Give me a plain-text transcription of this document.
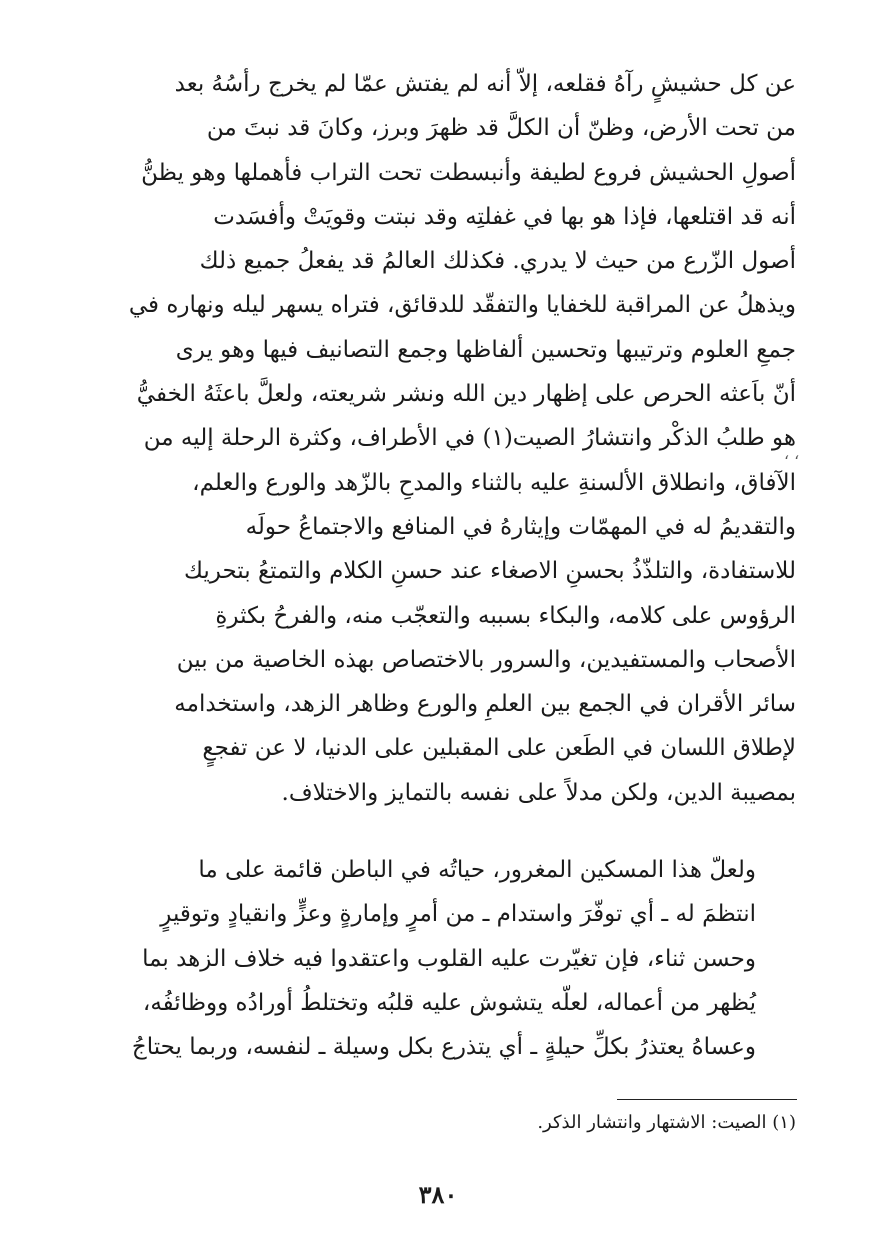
عن كل حشيشٍ رآهُ فقلعه، إلاّ أنه لم يفتش عمّا لم يخرج رأسُهُ بعد
من تحت الأرض، وظنّ أن الكلَّ قد ظهرَ وبرز، وكانَ قد نبتَ من
أصولِ الحشيش فروع لطيفة وأنبسطت تحت التراب فأهملها وهو يظنُّ
أنه قد اقتلعها، فإذا هو بها في غفلتِه وقد نبتت وقويَتْ وأفسَدت
أصول الزّرع من حيث لا يدري. فكذلك العالمُ قد يفعلُ جميع ذلك
ويذهلُ عن المراقبة للخفايا والتفقّد للدقائق، فتراه يسهر ليله ونهاره في
جمعِ العلوم وترتيبها وتحسين ألفاظها وجمع التصانيف فيها وهو يرى
أنّ باَعثه الحرص على إظهار دين الله ونشر شريعته، ولعلَّ باعثَهُ الخفيُّ
هو طلبُ الذكْر وانتشارُ الصيت(١) في الأطراف، وكثرة الرحلة إليه من
الآفاق، وانطلاق الألسنةِ عليه بالثناء والمدحِ بالزّهد والورع والعلم،
والتقديمُ له في المهمّات وإيثارهُ في المنافع والاجتماعُ حولَه
للاستفادة، والتلذّذُ بحسنِ الاصغاء عند حسنِ الكلام والتمتعُ بتحريك
الرؤوس على كلامه، والبكاء بسببه والتعجّب منه، والفرحُ بكثرةِ
الأصحاب والمستفيدين، والسرور بالاختصاص بهذه الخاصية من بين
سائر الأقران في الجمع بين العلمِ والورع وظاهر الزهد، واستخدامه
لإطلاق اللسان في الطَعن على المقبلين على الدنيا، لا عن تفجعٍ
بمصيبة الدين، ولكن مدلاً على نفسه بالتمايز والاختلاف.

‘ ‘

ولعلّ هذا المسكين المغرور، حياتُه في الباطن قائمة على ما
انتظمَ له ـ أي توفّرَ واستدام ـ من أمرٍ وإمارةٍ وعزٍّ وانقيادٍ وتوقيرٍ
وحسن ثناء، فإن تغيّرت عليه القلوب واعتقدوا فيه خلاف الزهد بما
يُظهر من أعماله، لعلّه يتشوش عليه قلبُه وتختلطُ أورادُه ووظائفُه،
وعساهُ يعتذرُ بكلِّ حيلةٍ ـ أي يتذرع بكل وسيلة ـ لنفسه، وربما يحتاجُ

(١) الصيت: الاشتهار وانتشار الذكر.
٣٨٠
